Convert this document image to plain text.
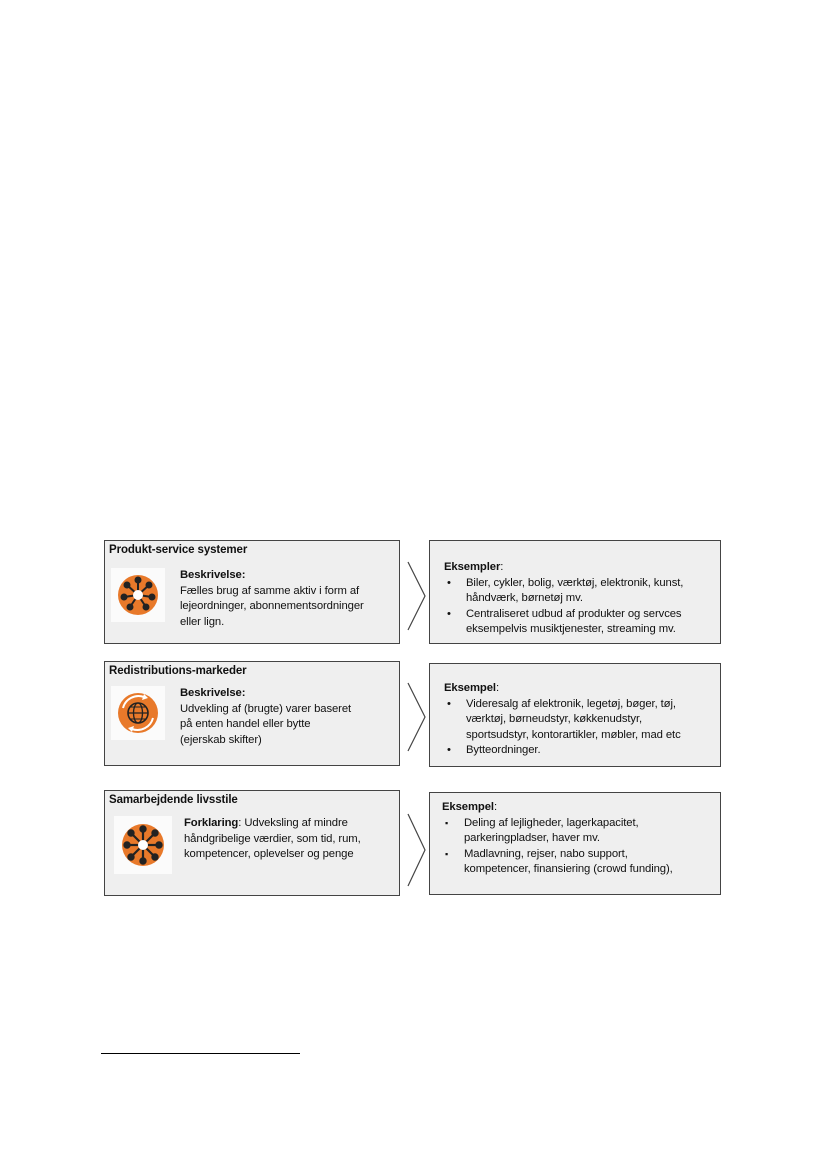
Produkt-service systemer
Beskrivelse:
Fælles brug af samme aktiv i form af
lejeordninger, abonnementsordninger
eller lign.
Eksempler:
•	Biler, cykler, bolig, værktøj, elektronik, kunst,
håndværk, børnetøj mv.
•	Centraliseret udbud af produkter og servces
eksempelvis musiktjenester, streaming mv.
Redistributions-markeder
Beskrivelse:
Udvekling af (brugte) varer baseret
på enten handel eller bytte
(ejerskab skifter)
Eksempel:
•	Videresalg af elektronik, legetøj, bøger, tøj,
værktøj, børneudstyr, køkkenudstyr,
sportsudstyr, kontorartikler, møbler, mad etc
•	Bytteordninger.
Samarbejdende livsstile
Forklaring: Udveksling af mindre
håndgribelige værdier, som tid, rum,
kompetencer, oplevelser og penge
Eksempel:
▪	Deling af lejligheder, lagerkapacitet,
parkeringpladser, haver mv.
▪	Madlavning, rejser, nabo support,
kompetencer, finansiering (crowd funding),
